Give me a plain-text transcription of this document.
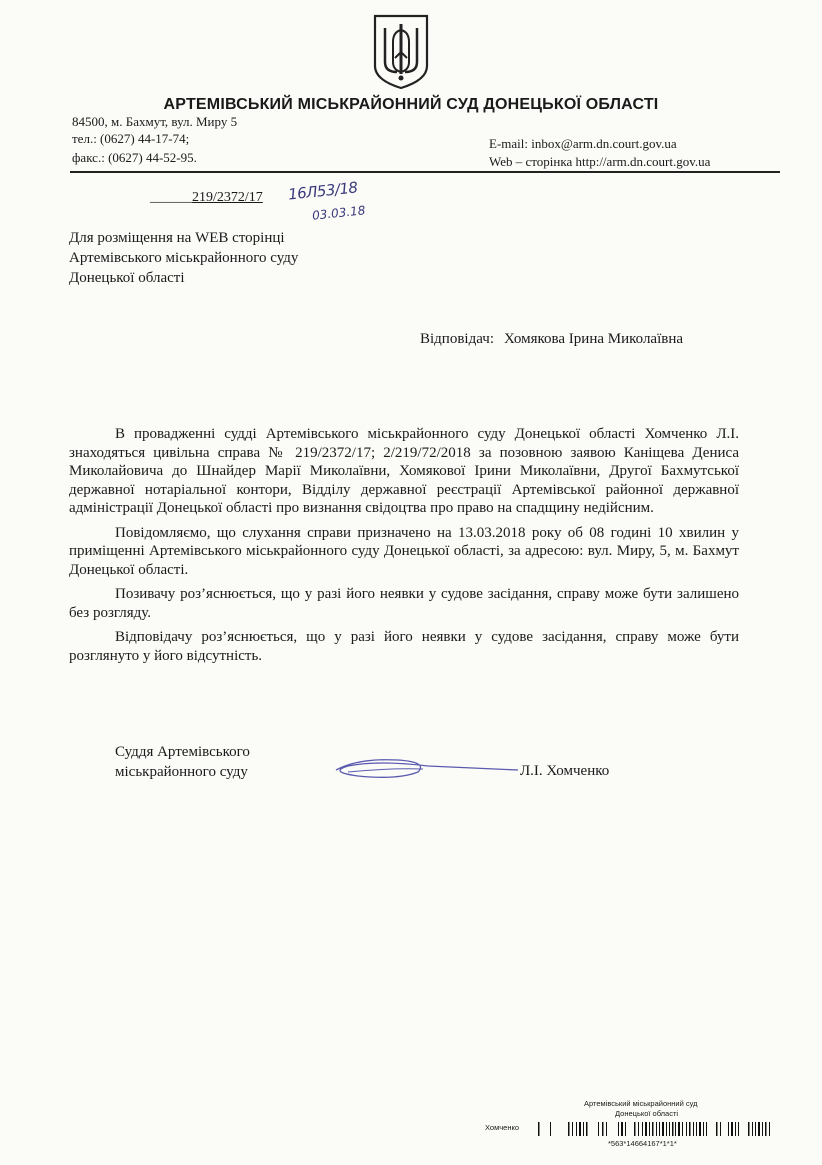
АРТЕМІВСЬКИЙ МІСЬКРАЙОННИЙ СУД ДОНЕЦЬКОЇ ОБЛАСТІ
84500, м. Бахмут, вул. Миру 5
тел.: (0627) 44-17-74;
факс.: (0627) 44-52-95.
E-mail: inbox@arm.dn.court.gov.ua
Web – сторінка http://arm.dn.court.gov.ua
______219/2372/17 16Л53/18
03.03.18
Для розміщення на WEB сторінці
Артемівського міськрайонного суду
Донецької області
Відповідач: Хомякова Ірина Миколаївна

В провадженні судді Артемівського міськрайонного суду Донецької області Хомченко Л.І. знаходяться цивільна справа № 219/2372/17; 2/219/72/2018 за позовною заявою Каніщева Дениса Миколайовича до Шнайдер Марії Миколаївни, Хомякової Ірини Миколаївни, Другої Бахмутської державної нотаріальної контори, Відділу державної реєстрації Артемівської районної державної адміністрації Донецької області про визнання свідоцтва про право на спадщину недійсним.

Повідомляємо, що слухання справи призначено на 13.03.2018 року об 08 годині 10 хвилин у приміщенні Артемівського міськрайонного суду Донецької області, за адресою: вул. Миру, 5, м. Бахмут Донецької області.

Позивачу роз’яснюється, що у разі його неявки у судове засідання, справу може бути залишено без розгляду.

Відповідачу роз’яснюється, що у разі його неявки у судове засідання, справу може бути розглянуто у його відсутність.

Суддя Артемівського
міськрайонного суду	Л.І. Хомченко
Артемівський міськрайонний суд
Донецької області
Хомченко
*563*14664167*1*1*
